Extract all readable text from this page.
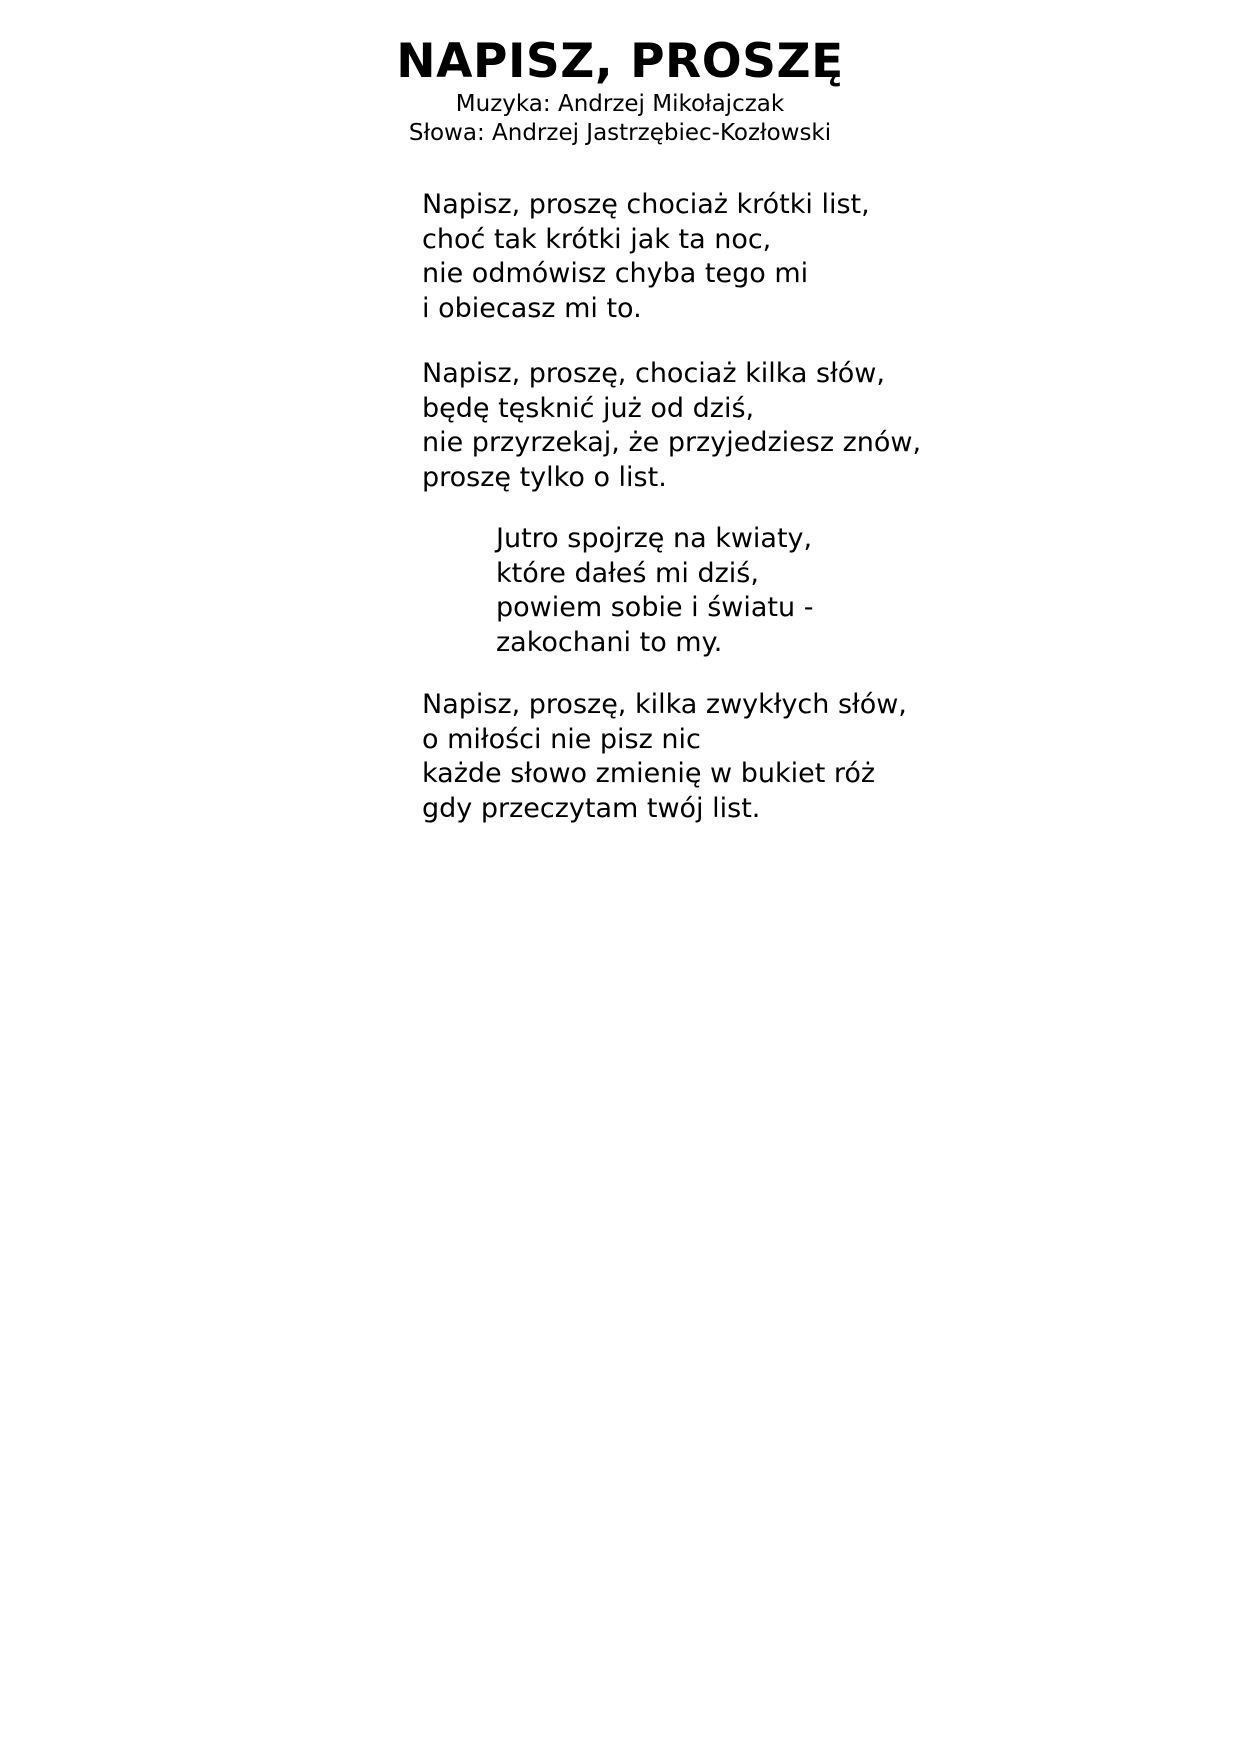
NAPISZ, PROSZĘ

Muzyka: Andrzej Mikołajczak

Słowa: Andrzej Jastrzębiec-Kozłowski

Napisz, proszę chociaż krótki list,
choć tak krótki jak ta noc,
nie odmówisz chyba tego mi
i obiecasz mi to.
Napisz, proszę, chociaż kilka słów,
będę tęsknić już od dziś,
nie przyrzekaj, że przyjedziesz znów,
proszę tylko o list.
Jutro spojrzę na kwiaty,
które dałeś mi dziś,
powiem sobie i światu -
zakochani to my.
Napisz, proszę, kilka zwykłych słów,
o miłości nie pisz nic
każde słowo zmienię w bukiet róż
gdy przeczytam twój list.
